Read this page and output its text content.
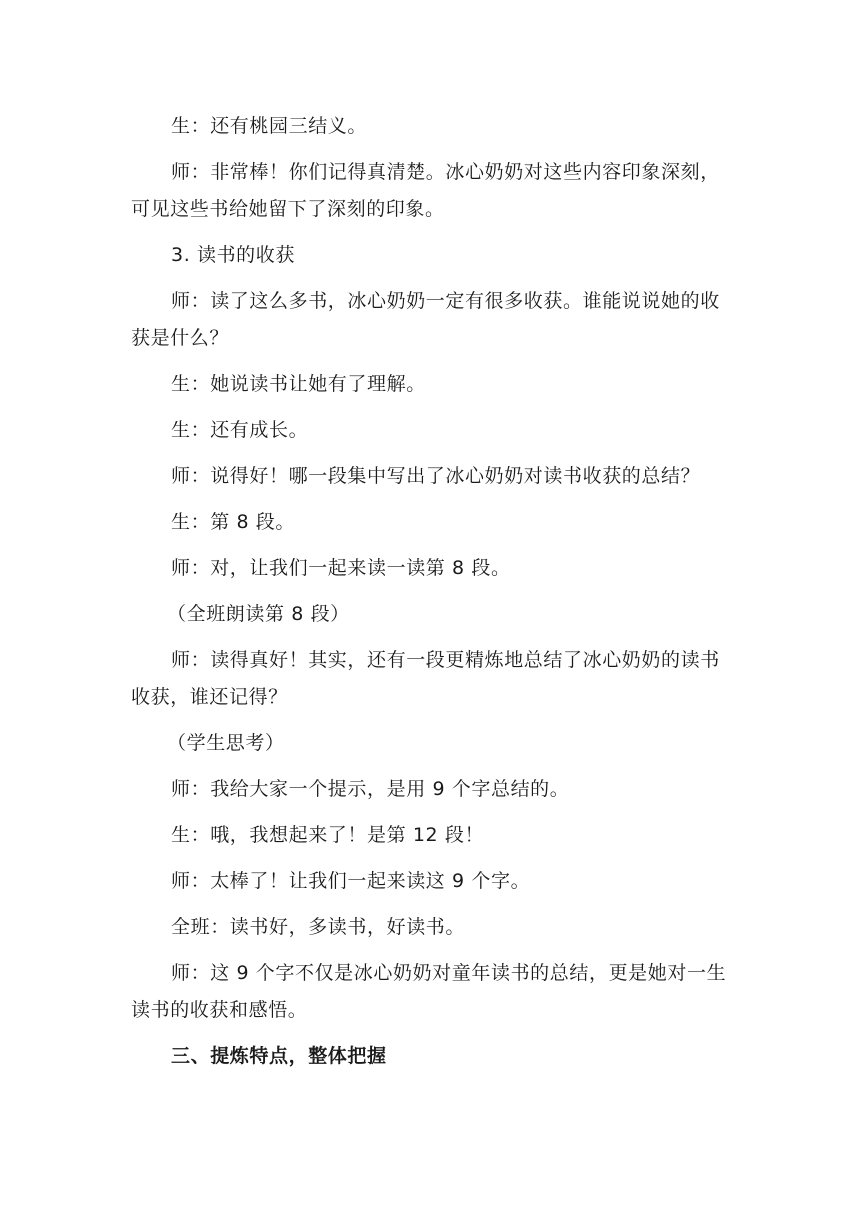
生：还有桃园三结义。

师：非常棒！你们记得真清楚。冰心奶奶对这些内容印象深刻，可见这些书给她留下了深刻的印象。

3. 读书的收获

师：读了这么多书，冰心奶奶一定有很多收获。谁能说说她的收获是什么？

生：她说读书让她有了理解。

生：还有成长。

师：说得好！哪一段集中写出了冰心奶奶对读书收获的总结？

生：第 8 段。

师：对，让我们一起来读一读第 8 段。

（全班朗读第 8 段）

师：读得真好！其实，还有一段更精炼地总结了冰心奶奶的读书收获，谁还记得？

（学生思考）

师：我给大家一个提示，是用 9 个字总结的。

生：哦，我想起来了！是第 12 段！

师：太棒了！让我们一起来读这 9 个字。

全班：读书好，多读书，好读书。

师：这 9 个字不仅是冰心奶奶对童年读书的总结，更是她对一生读书的收获和感悟。

三、提炼特点，整体把握
